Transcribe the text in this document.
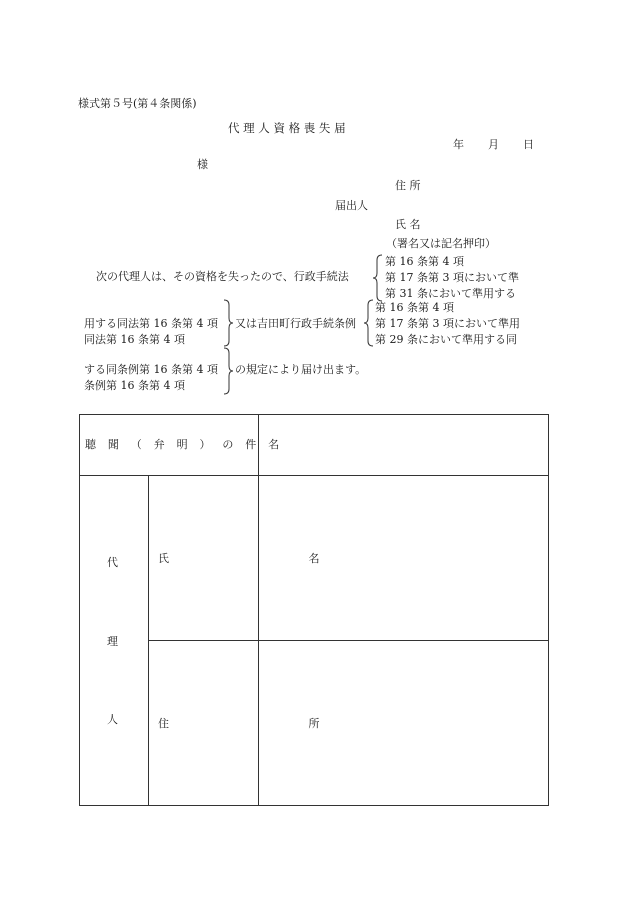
様式第５号(第４条関係)
代 理 人 資 格 喪 失 届
年 月 日
様
住 所
届出人
氏 名
（署名又は記名押印）
次の代理人は、その資格を失ったので、行政手続法
第 16 条第 4 項
第 17 条第 3 項において準
第 31 条において準用する
用する同法第 16 条第 4 項
同法第 16 条第 4 項
又は吉田町行政手続条例
第 16 条第 4 項
第 17 条第 3 項において準用
第 29 条において準用する同
する同条例第 16 条第 4 項
条例第 16 条第 4 項
の規定により届け出ます。
聴 聞 （ 弁 明 ） の 件 名
代
理
人
氏 名
住 所
